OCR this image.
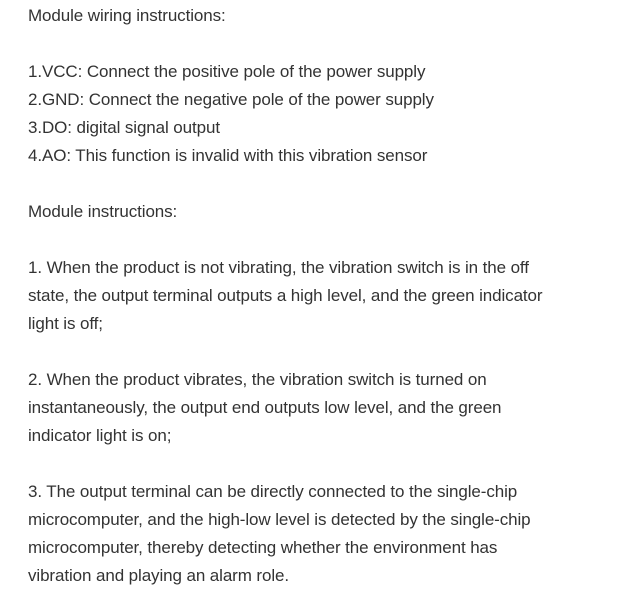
Module wiring instructions:
1.VCC: Connect the positive pole of the power supply
2.GND: Connect the negative pole of the power supply
3.DO: digital signal output
4.AO: This function is invalid with this vibration sensor
Module instructions:
1. When the product is not vibrating, the vibration switch is in the off
state, the output terminal outputs a high level, and the green indicator
light is off;
2. When the product vibrates, the vibration switch is turned on
instantaneously, the output end outputs low level, and the green
indicator light is on;
3. The output terminal can be directly connected to the single-chip
microcomputer, and the high-low level is detected by the single-chip
microcomputer, thereby detecting whether the environment has
vibration and playing an alarm role.
